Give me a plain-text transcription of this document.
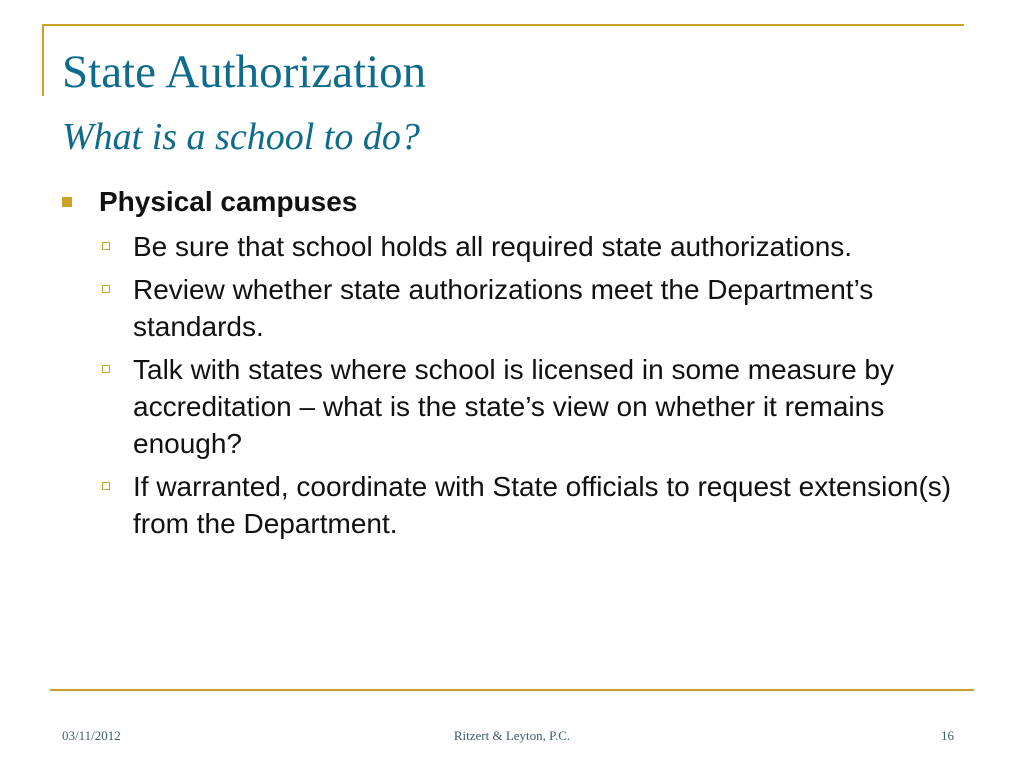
State Authorization
What is a school to do?
Physical campuses
Be sure that school holds all required state authorizations.
Review whether state authorizations meet the Department’s standards.
Talk with states where school is licensed in some measure by accreditation – what is the state’s view on whether it remains enough?
If warranted, coordinate with State officials to request extension(s) from the Department.
03/11/2012	Ritzert & Leyton, P.C.	16
